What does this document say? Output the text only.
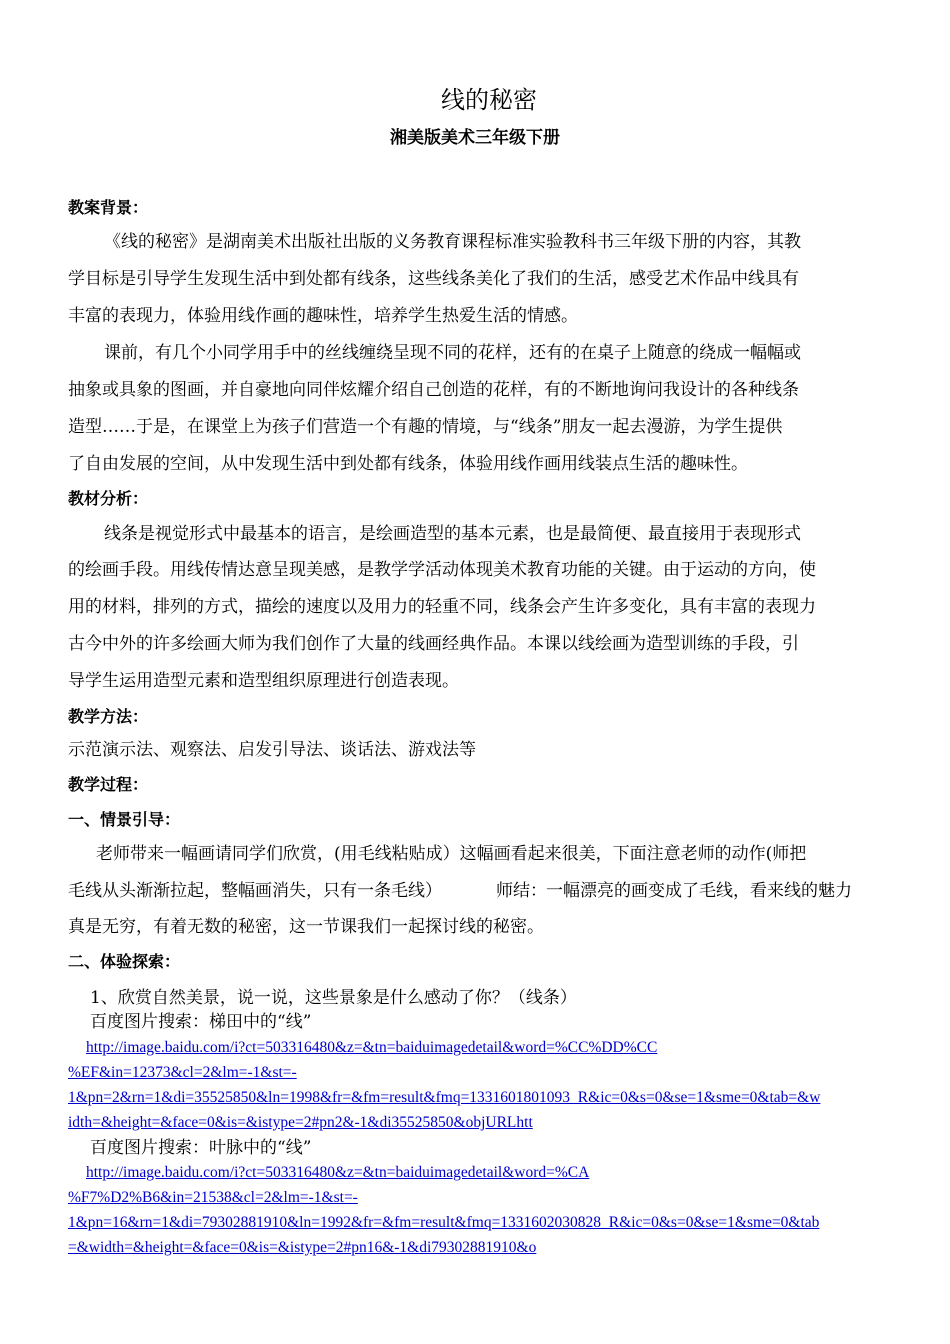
线的秘密
湘美版美术三年级下册
教案背景：
《线的秘密》是湖南美术出版社出版的义务教育课程标准实验教科书三年级下册的内容，其教
学目标是引导学生发现生活中到处都有线条，这些线条美化了我们的生活，感受艺术作品中线具有
丰富的表现力，体验用线作画的趣味性，培养学生热爱生活的情感。
课前，有几个小同学用手中的丝线缠绕呈现不同的花样，还有的在桌子上随意的绕成一幅幅或
抽象或具象的图画，并自豪地向同伴炫耀介绍自己创造的花样，有的不断地询问我设计的各种线条
造型……于是，在课堂上为孩子们营造一个有趣的情境，与“线条”朋友一起去漫游，为学生提供
了自由发展的空间，从中发现生活中到处都有线条，体验用线作画用线装点生活的趣味性。
教材分析：
线条是视觉形式中最基本的语言，是绘画造型的基本元素，也是最简便、最直接用于表现形式
的绘画手段。用线传情达意呈现美感，是教学学活动体现美术教育功能的关键。由于运动的方向，使
用的材料，排列的方式，描绘的速度以及用力的轻重不同，线条会产生许多变化，具有丰富的表现力
古今中外的许多绘画大师为我们创作了大量的线画经典作品。本课以线绘画为造型训练的手段，引
导学生运用造型元素和造型组织原理进行创造表现。
教学方法：
示范演示法、观察法、启发引导法、谈话法、游戏法等
教学过程：
一、情景引导：
老师带来一幅画请同学们欣赏，(用毛线粘贴成）这幅画看起来很美，下面注意老师的动作(师把
毛线从头渐渐拉起，整幅画消失，只有一条毛线）	师结： 一幅漂亮的画变成了毛线，看来线的魅力
真是无穷，有着无数的秘密，这一节课我们一起探讨线的秘密。
二、体验探索：
1、欣赏自然美景，说一说，这些景象是什么感动了你？（线条）
百度图片搜索：梯田中的“线”
http://image.baidu.com/i?ct=503316480&z=&tn=baiduimagedetail&word=%CC%DD%CC
%EF&in=12373&cl=2&lm=-1&st=-
1&pn=2&rn=1&di=35525850&ln=1998&fr=&fm=result&fmq=1331601801093_R&ic=0&s=0&se=1&sme=0&tab=&w
idth=&height=&face=0&is=&istype=2#pn2&-1&di35525850&objURLhtt
百度图片搜索：叶脉中的“线”
http://image.baidu.com/i?ct=503316480&z=&tn=baiduimagedetail&word=%CA
%F7%D2%B6&in=21538&cl=2&lm=-1&st=-
1&pn=16&rn=1&di=79302881910&ln=1992&fr=&fm=result&fmq=1331602030828_R&ic=0&s=0&se=1&sme=0&tab
=&width=&height=&face=0&is=&istype=2#pn16&-1&di79302881910&o
